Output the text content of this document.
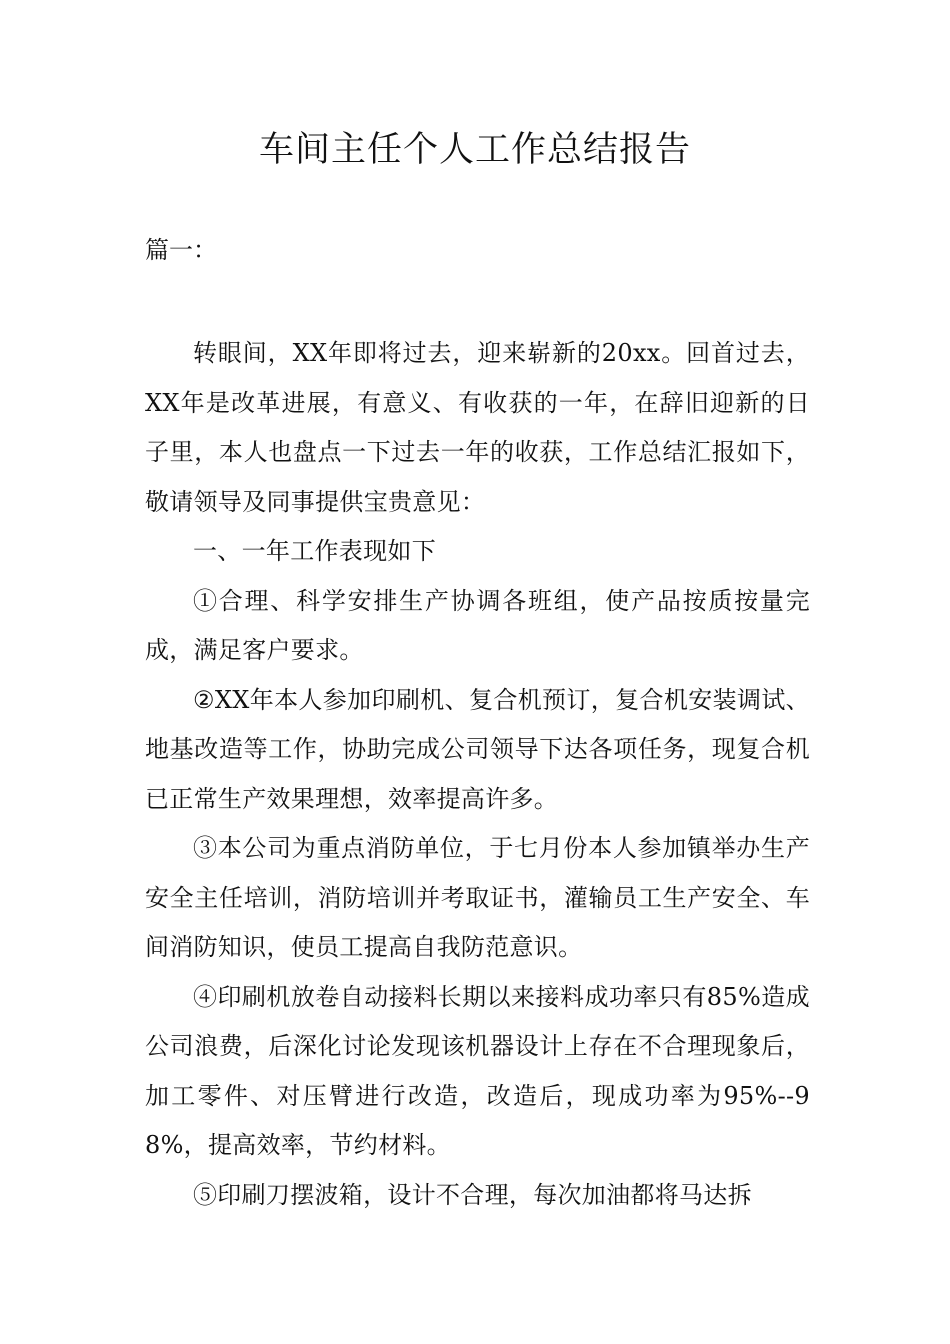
车间主任个人工作总结报告
篇一：

转眼间，XX年即将过去，迎来崭新的20xx。回首过去，XX年是改革进展，有意义、有收获的一年，在辞旧迎新的日子里，本人也盘点一下过去一年的收获，工作总结汇报如下，敬请领导及同事提供宝贵意见：

一、一年工作表现如下

①合理、科学安排生产协调各班组，使产品按质按量完成，满足客户要求。

②XX年本人参加印刷机、复合机预订，复合机安装调试、地基改造等工作，协助完成公司领导下达各项任务，现复合机已正常生产效果理想，效率提高许多。

③本公司为重点消防单位，于七月份本人参加镇举办生产安全主任培训，消防培训并考取证书，灌输员工生产安全、车间消防知识，使员工提高自我防范意识。

④印刷机放卷自动接料长期以来接料成功率只有85%造成公司浪费，后深化讨论发现该机器设计上存在不合理现象后，加工零件、对压臂进行改造，改造后，现成功率为95%--98%，提高效率，节约材料。

⑤印刷刀摆波箱，设计不合理，每次加油都将马达拆
